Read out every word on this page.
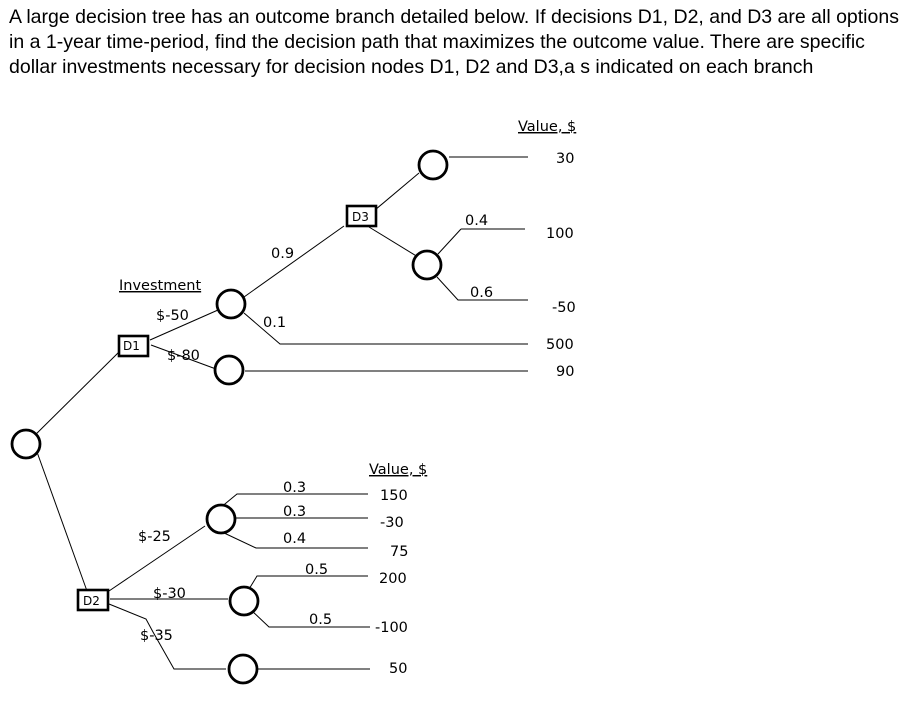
A large decision tree has an outcome branch detailed below. If decisions D1, D2, and D3 are all options in a 1-year time-period, find the decision path that maximizes the outcome value. There are specific dollar investments necessary for decision nodes D1, D2 and D3,a s indicated on each branch

D1
D2
D3
Value, $
Value, $
Investment
$-50
$-80
0.9
0.1
0.4
0.6
30
100
-50
500
90
$-25
$-30
$-35
0.3
0.3
0.4
0.5
0.5
150
-30
75
200
-100
50
